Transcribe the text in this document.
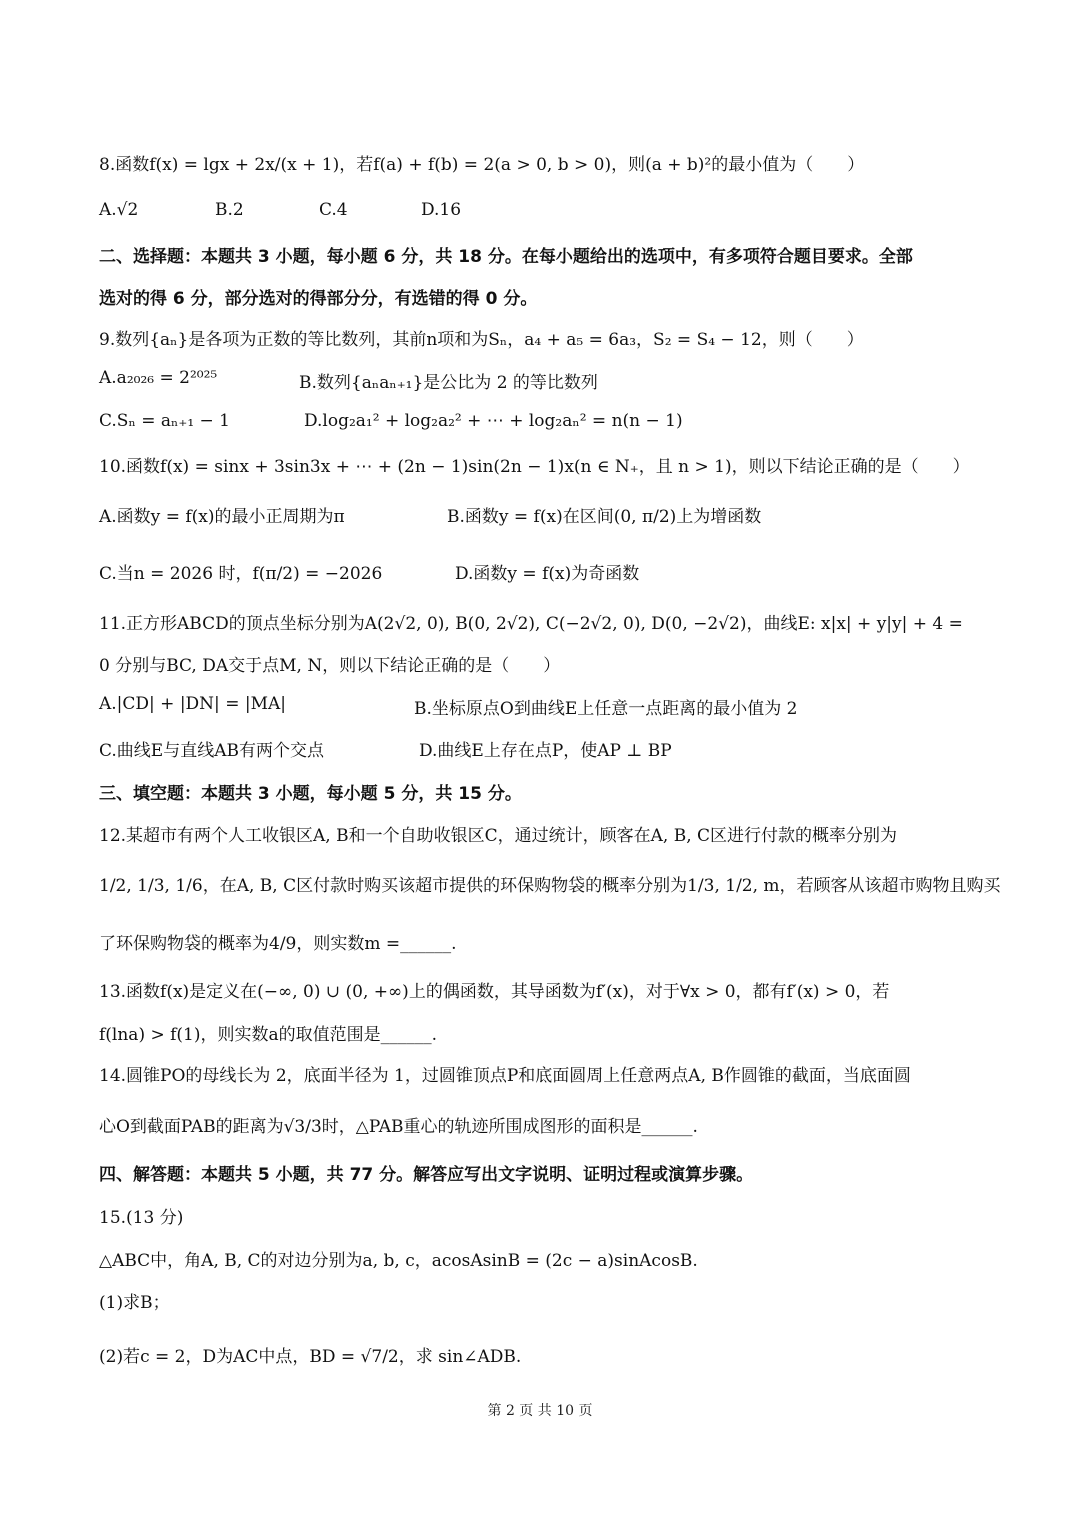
8.函数f(x) = lgx + 2x/(x + 1)，若f(a) + f(b) = 2(a > 0, b > 0)，则(a + b)²的最小值为（　　）
A.√2	B.2	C.4	D.16
二、选择题：本题共 3 小题，每小题 6 分，共 18 分。在每小题给出的选项中，有多项符合题目要求。全部
选对的得 6 分，部分选对的得部分分，有选错的得 0 分。
9.数列{aₙ}是各项为正数的等比数列，其前n项和为Sₙ，a₄ + a₅ = 6a₃，S₂ = S₄ − 12，则（　　）
A.a₂₀₂₆ = 2²⁰²⁵	B.数列{aₙaₙ₊₁}是公比为 2 的等比数列
C.Sₙ = aₙ₊₁ − 1	D.log₂a₁² + log₂a₂² + ⋯ + log₂aₙ² = n(n − 1)
10.函数f(x) = sinx + 3sin3x + ⋯ + (2n − 1)sin(2n − 1)x(n ∈ N₊，且 n > 1)，则以下结论正确的是（　　）
A.函数y = f(x)的最小正周期为π	B.函数y = f(x)在区间(0, π/2)上为增函数
C.当n = 2026 时，f(π/2) = −2026	D.函数y = f(x)为奇函数
11.正方形ABCD的顶点坐标分别为A(2√2, 0), B(0, 2√2), C(−2√2, 0), D(0, −2√2)，曲线E: x|x| + y|y| + 4 =
0 分别与BC, DA交于点M, N，则以下结论正确的是（　　）
A.|CD| + |DN| = |MA|	B.坐标原点O到曲线E上任意一点距离的最小值为 2
C.曲线E与直线AB有两个交点	D.曲线E上存在点P，使AP ⊥ BP
三、填空题：本题共 3 小题，每小题 5 分，共 15 分。
12.某超市有两个人工收银区A, B和一个自助收银区C，通过统计，顾客在A, B, C区进行付款的概率分别为
1/2, 1/3, 1/6，在A, B, C区付款时购买该超市提供的环保购物袋的概率分别为1/3, 1/2, m，若顾客从该超市购物且购买
了环保购物袋的概率为4/9，则实数m =______.
13.函数f(x)是定义在(−∞, 0) ∪ (0, +∞)上的偶函数，其导函数为f′(x)，对于∀x > 0，都有f′(x) > 0，若
f(lna) > f(1)，则实数a的取值范围是______.
14.圆锥PO的母线长为 2，底面半径为 1，过圆锥顶点P和底面圆周上任意两点A, B作圆锥的截面，当底面圆
心O到截面PAB的距离为√3/3时，△PAB重心的轨迹所围成图形的面积是______.
四、解答题：本题共 5 小题，共 77 分。解答应写出文字说明、证明过程或演算步骤。
15.(13 分)
△ABC中，角A, B, C的对边分别为a, b, c，acosAsinB = (2c − a)sinAcosB.
(1)求B；
(2)若c = 2，D为AC中点，BD = √7/2，求 sin∠ADB.
第 2 页 共 10 页
